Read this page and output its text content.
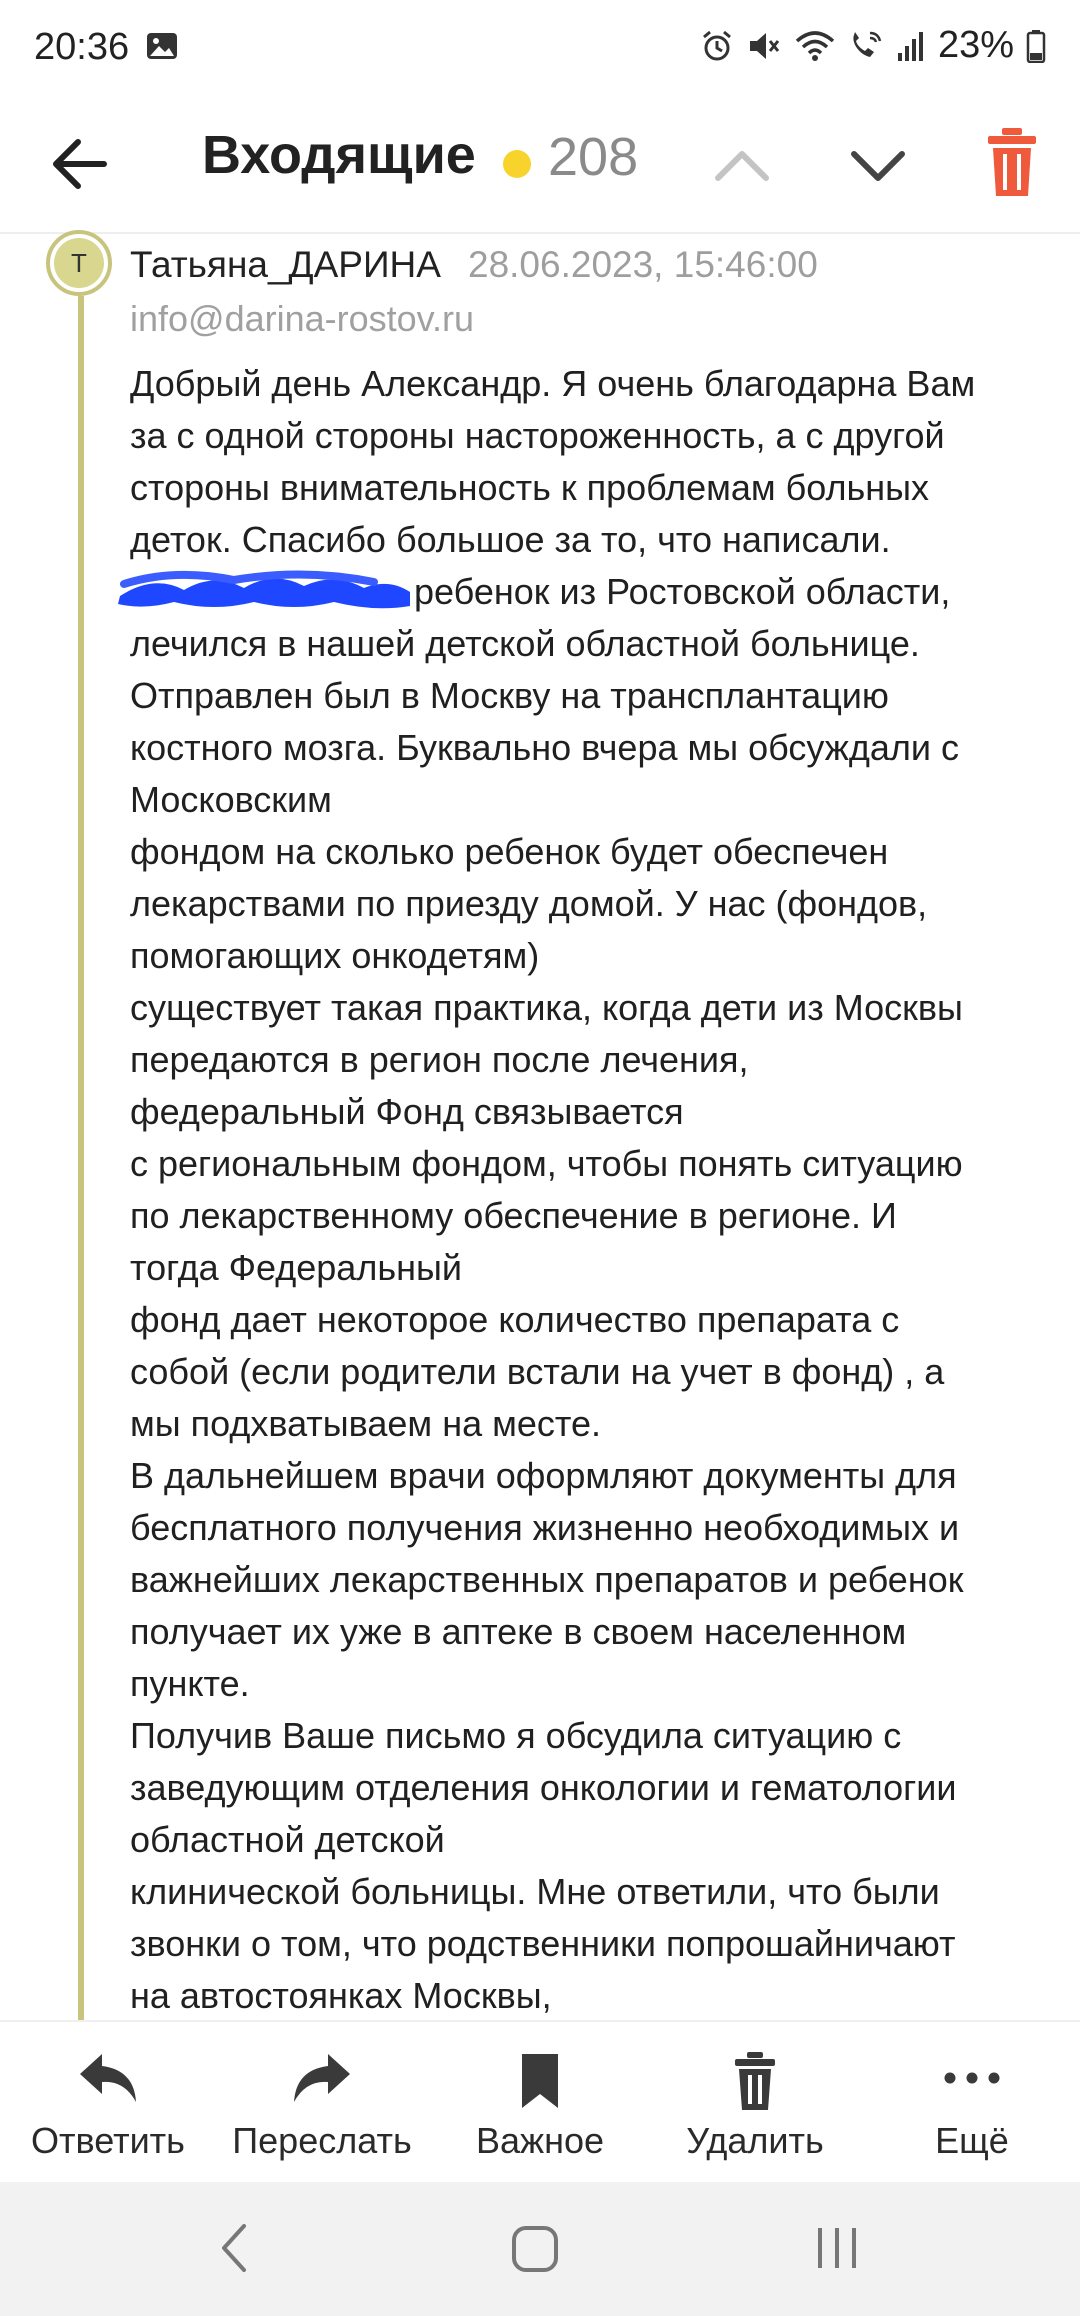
20:36	23%
Входящие 208
Т	Татьяна_ДАРИНА 28.06.2023, 15:46:00
info@darina-rostov.ru

Добрый день Александр. Я очень благодарна Вам

за с одной стороны настороженность, а с другой

стороны внимательность к проблемам больных

деток. Спасибо большое за то, что написали.

ребенок из Ростовской области,

лечился в нашей детской областной больнице.

Отправлен был в Москву на трансплантацию

костного мозга. Буквально вчера мы обсуждали с

Московским

фондом на сколько ребенок будет обеспечен

лекарствами по приезду домой. У нас (фондов,

помогающих онкодетям)

существует такая практика, когда дети из Москвы

передаются в регион после лечения,

федеральный Фонд связывается

с региональным фондом, чтобы понять ситуацию

по лекарственному обеспечение в регионе. И

тогда Федеральный

фонд дает некоторое количество препарата с

собой (если родители встали на учет в фонд) , а

мы подхватываем на месте.

В дальнейшем врачи оформляют документы для

бесплатного получения жизненно необходимых и

важнейших лекарственных препаратов и ребенок

получает их уже в аптеке в своем населенном

пункте.

Получив Ваше письмо я обсудила ситуацию с

заведующим отделения онкологии и гематологии

областной детской

клинической больницы. Мне ответили, что были

звонки о том, что родственники попрошайничают

на автостоянках Москвы,

Ответить	Переслать	Важное	Удалить	Ещё
